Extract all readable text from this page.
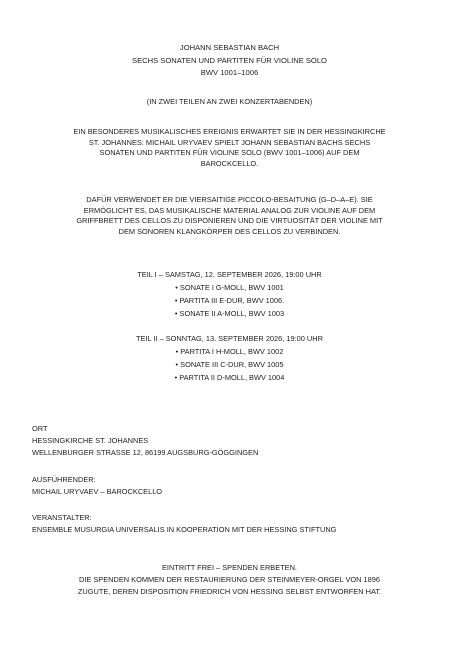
JOHANN SEBASTIAN BACH
SECHS SONATEN UND PARTITEN FÜR VIOLINE SOLO
BWV 1001–1006
(IN ZWEI TEILEN AN ZWEI KONZERTABENDEN)
EIN BESONDERES MUSIKALISCHES EREIGNIS ERWARTET SIE IN DER HESSINGKIRCHE
ST. JOHANNES: MICHAIL URYVAEV SPIELT JOHANN SEBASTIAN BACHS SECHS
SONATEN UND PARTITEN FÜR VIOLINE SOLO (BWV 1001–1006) AUF DEM
BAROCKCELLO.
DAFÜR VERWENDET ER DIE VIERSAITIGE PICCOLO-BESAITUNG (G–D–A–E). SIE
ERMÖGLICHT ES, DAS MUSIKALISCHE MATERIAL ANALOG ZUR VIOLINE AUF DEM
GRIFFBRETT DES CELLOS ZU DISPONIEREN UND DIE VIRTUOSITÄT DER VIOLINE MIT
DEM SONOREN KLANGKÖRPER DES CELLOS ZU VERBINDEN.
TEIL I – SAMSTAG, 12. SEPTEMBER 2026, 19:00 UHR
• SONATE I G-MOLL, BWV 1001
• PARTITA III E-DUR, BWV 1006.
• SONATE II A-MOLL, BWV 1003
TEIL II – SONNTAG, 13. SEPTEMBER 2026, 19:00 UHR
• PARTITA I H-MOLL, BWV 1002
• SONATE III C-DUR, BWV 1005
• PARTITA II D-MOLL, BWV 1004
ORT
HESSINGKIRCHE ST. JOHANNES
WELLENBURGER STRASSE 12, 86199 AUGSBURG-GÖGGINGEN
AUSFÜHRENDER:
MICHAIL URYVAEV – BAROCKCELLO
VERANSTALTER:
ENSEMBLE MUSURGIA UNIVERSALIS IN KOOPERATION MIT DER HESSING STIFTUNG
EINTRITT FREI – SPENDEN ERBETEN.
DIE SPENDEN KOMMEN DER RESTAURIERUNG DER STEINMEYER-ORGEL VON 1896
ZUGUTE, DEREN DISPOSITION FRIEDRICH VON HESSING SELBST ENTWORFEN HAT.
